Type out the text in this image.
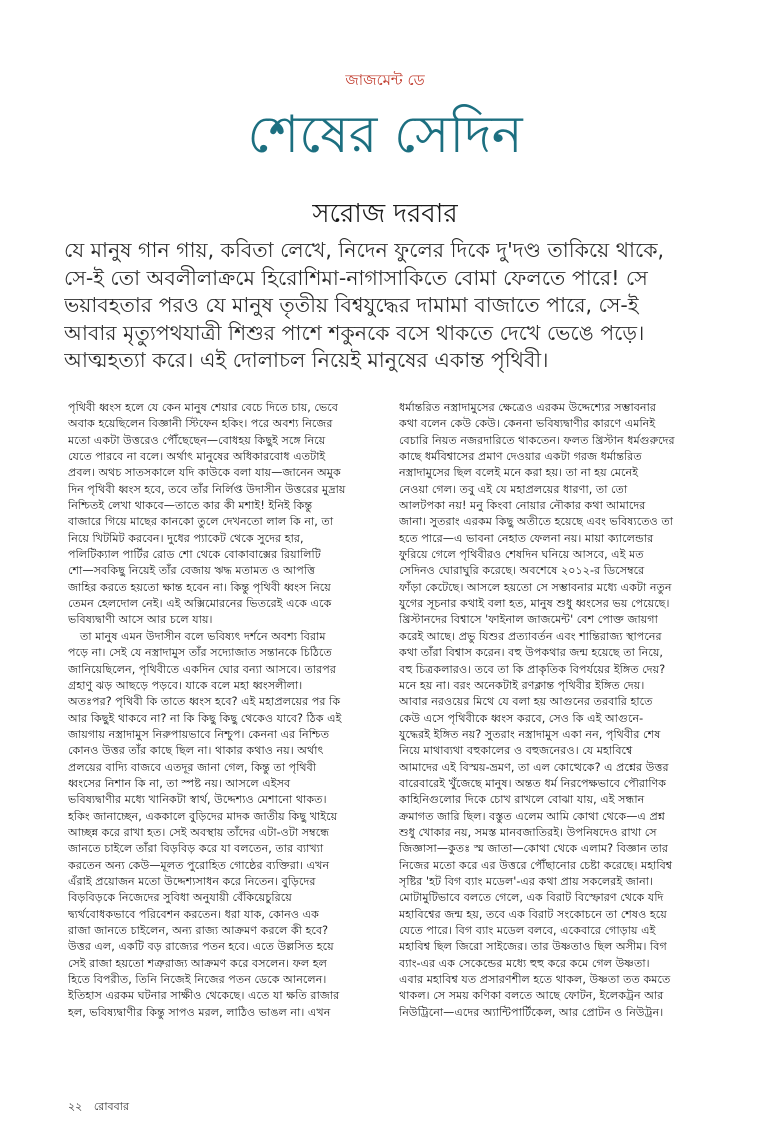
জাজমেন্ট ডে
শেষের সেদিন
সরোজ দরবার
যে মানুষ গান গায়, কবিতা লেখে, নিদেন ফুলের দিকে দু'দণ্ড তাকিয়ে থাকে,
সে-ই তো অবলীলাক্রমে হিরোশিমা-নাগাসাকিতে বোমা ফেলতে পারে! সে
ভয়াবহতার পরও যে মানুষ তৃতীয় বিশ্বযুদ্ধের দামামা বাজাতে পারে, সে-ই
আবার মৃত্যুপথযাত্রী শিশুর পাশে শকুনকে বসে থাকতে দেখে ভেঙে পড়ে।
আত্মহত্যা করে। এই দোলাচল নিয়েই মানুষের একান্ত পৃথিবী।
পৃথিবী ধ্বংস হলে যে কেন মানুষ শেয়ার বেচে দিতে চায়, ভেবে
অবাক হয়েছিলেন বিজ্ঞানী স্টিফেন হকিং। পরে অবশ্য নিজের
মতো একটা উত্তরেও পৌঁছেছেন—বোধহয় কিছুই সঙ্গে নিয়ে
যেতে পারবে না বলে। অর্থাৎ মানুষের অধিকারবোধ এতটাই
প্রবল। অথচ সাতসকালে যদি কাউকে বলা যায়—জানেন অমুক
দিন পৃথিবী ধ্বংস হবে, তবে তাঁর নির্লিপ্ত উদাসীন উত্তরের মুদ্রায়
নিশ্চিতই লেখা থাকবে—তাতে কার কী মশাই! ইনিই কিন্তু
বাজারে গিয়ে মাছের কানকো তুলে দেখনতো লাল কি না, তা
নিয়ে খিটমিট করবেন। দুধের প্যাকেট থেকে সুদের হার,
পলিটিক্যাল পার্টির রোড শো থেকে বোকাবাক্সের রিয়ালিটি
শো—সবকিছু নিয়েই তাঁর বেজায় ঋদ্ধ মতামত ও আপত্তি
জাহির করতে হয়তো ক্ষান্ত হবেন না। কিন্তু পৃথিবী ধ্বংস নিয়ে
তেমন হেলদোল নেই। এই অক্সিমোরনের ভিতরেই একে একে
ভবিষ্যদ্বাণী আসে আর চলে যায়।
তা মানুষ এমন উদাসীন বলে ভবিষ্যৎ দর্শনে অবশ্য বিরাম
পড়ে না। সেই যে নস্ত্রাদামুস তাঁর সদ্যোজাত সন্তানকে চিঠিতে
জানিয়েছিলেন, পৃথিবীতে একদিন ঘোর বন্যা আসবে। তারপর
গ্রহাণু ঝড় আছড়ে পড়বে। যাকে বলে মহা ধ্বংসলীলা।
অতঃপর? পৃথিবী কি তাতে ধ্বংস হবে? এই মহাপ্রলয়ের পর কি
আর কিছুই থাকবে না? না কি কিছু কিছু থেকেও যাবে? ঠিক এই
জায়গায় নস্ত্রাদামুস নিরুপায়ভাবে নিশ্চুপ। কেননা এর নিশ্চিত
কোনও উত্তর তাঁর কাছে ছিল না। থাকার কথাও নয়। অর্থাৎ
প্রলয়ের বাদ্যি বাজবে এতদূর জানা গেল, কিন্তু তা পৃথিবী
ধ্বংসের নিশান কি না, তা স্পষ্ট নয়। আসলে এইসব
ভবিষ্যদ্বাণীর মধ্যে খানিকটা স্বার্থ, উদ্দেশ্যও মেশানো থাকত।
হকিং জানাচ্ছেন, এককালে বুড়িদের মাদক জাতীয় কিছু খাইয়ে
আচ্ছন্ন করে রাখা হত। সেই অবস্থায় তাঁদের এটা-ওটা সম্বন্ধে
জানতে চাইলে তাঁরা বিড়বিড় করে যা বলতেন, তার ব্যাখ্যা
করতেন অন্য কেউ—মূলত পুরোহিত গোষ্ঠের ব্যক্তিরা। এখন
এঁরাই প্রয়োজন মতো উদ্দেশ্যসাধন করে নিতেন। বুড়িদের
বিড়বিড়কে নিজেদের সুবিধা অনুযায়ী বেঁকিয়েচুরিয়ে
দ্ব্যর্থবোধকভাবে পরিবেশন করতেন। ধরা যাক, কোনও এক
রাজা জানতে চাইলেন, অন্য রাজ্য আক্রমণ করলে কী হবে?
উত্তর এল, একটি বড় রাজ্যের পতন হবে। এতে উল্লসিত হয়ে
সেই রাজা হয়তো শত্রুরাজ্য আক্রমণ করে বসলেন। ফল হল
হিতে বিপরীত, তিনি নিজেই নিজের পতন ডেকে আনলেন।
ইতিহাস এরকম ঘটনার সাক্ষীও থেকেছে। এতে যা ক্ষতি রাজার
হল, ভবিষ্যদ্বাণীর কিন্তু সাপও মরল, লাঠিও ভাঙল না। এখন
ধর্মান্তরিত নস্ত্রাদামুসের ক্ষেত্রেও এরকম উদ্দেশ্যের সম্ভাবনার
কথা বলেন কেউ কেউ। কেননা ভবিষ্যদ্বাণীর কারণে এমনিই
বেচারি নিয়ত নজরদারিতে থাকতেন। ফলত খ্রিস্টান ধর্মগুরুদের
কাছে ধর্মবিশ্বাসের প্রমাণ দেওয়ার একটা গরজ ধর্মান্তরিত
নস্ত্রাদামুসের ছিল বলেই মনে করা হয়। তা না হয় মেনেই
নেওয়া গেল। তবু এই যে মহাপ্রলয়ের ধারণা, তা তো
আলটপকা নয়! মনু কিংবা নোয়ার নৌকার কথা আমাদের
জানা। সুতরাং এরকম কিছু অতীতে হয়েছে এবং ভবিষ্যতেও তা
হতে পারে—এ ভাবনা নেহাত ফেলনা নয়। মায়া ক্যালেন্ডার
ফুরিয়ে গেলে পৃথিবীরও শেষদিন ঘনিয়ে আসবে, এই মত
সেদিনও ঘোরাঘুরি করেছে। অবশেষে ২০১২-র ডিসেম্বরে
ফাঁড়া কেটেছে। আসলে হয়তো সে সম্ভাবনার মধ্যে একটা নতুন
যুগের সূচনার কথাই বলা হত, মানুষ শুধু ধ্বংসের ভয় পেয়েছে।
খ্রিস্টানদের বিশ্বাসে 'ফাইনাল জাজমেন্ট' বেশ পোক্ত জায়গা
করেই আছে। প্রভু যিশুর প্রত্যাবর্তন এবং শান্তিরাজ্য স্থাপনের
কথা তাঁরা বিশ্বাস করেন। বহু উপকথার জন্ম হয়েছে তা নিয়ে,
বহু চিত্রকলারও। তবে তা কি প্রাকৃতিক বিপর্যয়ের ইঙ্গিত দেয়?
মনে হয় না। বরং অনেকটাই রণক্লান্ত পৃথিবীর ইঙ্গিত দেয়।
আবার নরওয়ের মিথে যে বলা হয় আগুনের তরবারি হাতে
কেউ এসে পৃথিবীকে ধ্বংস করবে, সেও কি এই আগুনে-
যুদ্ধেরই ইঙ্গিত নয়? সুতরাং নস্ত্রাদামুস একা নন, পৃথিবীর শেষ
নিয়ে মাথাব্যথা বহুকালের ও বহুজনেরও। যে মহাবিশ্বে
আমাদের এই বিস্ময়-ভ্রমণ, তা এল কোত্থেকে? এ প্রশ্নের উত্তর
বারেবারেই খুঁজেছে মানুষ। অন্তত ধর্ম নিরপেক্ষভাবে পৌরাণিক
কাহিনিগুলোর দিকে চোখ রাখলে বোঝা যায়, এই সন্ধান
ক্রমাগত জারি ছিল। বস্তুত এলেম আমি কোথা থেকে—এ প্রশ্ন
শুধু খোকার নয়, সমস্ত মানবজাতিরই। উপনিষদেও রাখা সে
জিজ্ঞাসা—কুতঃ স্ম জাতা—কোথা থেকে এলাম? বিজ্ঞান তার
নিজের মতো করে এর উত্তরে পৌঁছানোর চেষ্টা করেছে। মহাবিশ্ব
সৃষ্টির 'হট বিগ ব্যাং মডেল'-এর কথা প্রায় সকলেরই জানা।
মোটামুটিভাবে বলতে গেলে, এক বিরাট বিস্ফোরণ থেকে যদি
মহাবিশ্বের জন্ম হয়, তবে এক বিরাট সংকোচনে তা শেষও হয়ে
যেতে পারে। বিগ ব্যাং মডেল বলবে, একেবারে গোড়ায় এই
মহাবিশ্ব ছিল জিরো সাইজের। তার উষ্ণতাও ছিল অসীম। বিগ
ব্যাং-এর এক সেকেন্ডের মধ্যে হুহু করে কমে গেল উষ্ণতা।
এবার মহাবিশ্ব যত প্রসারণশীল হতে থাকল, উষ্ণতা তত কমতে
থাকল। সে সময় কণিকা বলতে আছে ফোটন, ইলেকট্রন আর
নিউট্রিনো—এদের অ্যান্টিপার্টিকেল, আর প্রোটন ও নিউট্রন।
২২ রোববার
